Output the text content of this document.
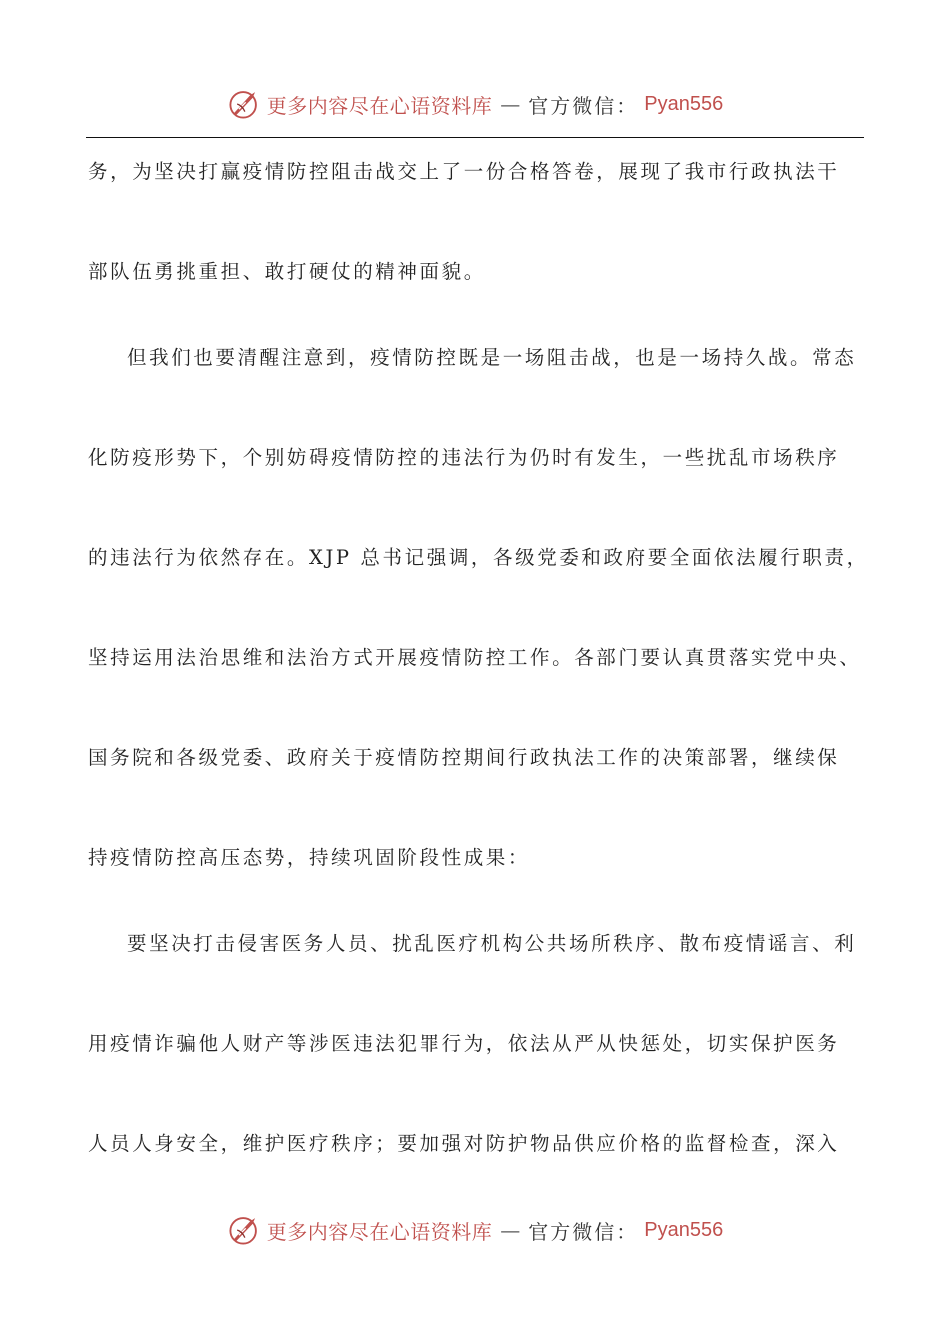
更多内容尽在心语资料库 — 官方微信： Pyan556
务，为坚决打赢疫情防控阻击战交上了一份合格答卷，展现了我市行政执法干
部队伍勇挑重担、敢打硬仗的精神面貌。
但我们也要清醒注意到，疫情防控既是一场阻击战，也是一场持久战。常态
化防疫形势下，个别妨碍疫情防控的违法行为仍时有发生，一些扰乱市场秩序
的违法行为依然存在。XJP 总书记强调，各级党委和政府要全面依法履行职责，
坚持运用法治思维和法治方式开展疫情防控工作。各部门要认真贯落实党中央、
国务院和各级党委、政府关于疫情防控期间行政执法工作的决策部署，继续保
持疫情防控高压态势，持续巩固阶段性成果：
要坚决打击侵害医务人员、扰乱医疗机构公共场所秩序、散布疫情谣言、利
用疫情诈骗他人财产等涉医违法犯罪行为，依法从严从快惩处，切实保护医务
人员人身安全，维护医疗秩序；要加强对防护物品供应价格的监督检查，深入
更多内容尽在心语资料库 — 官方微信： Pyan556
